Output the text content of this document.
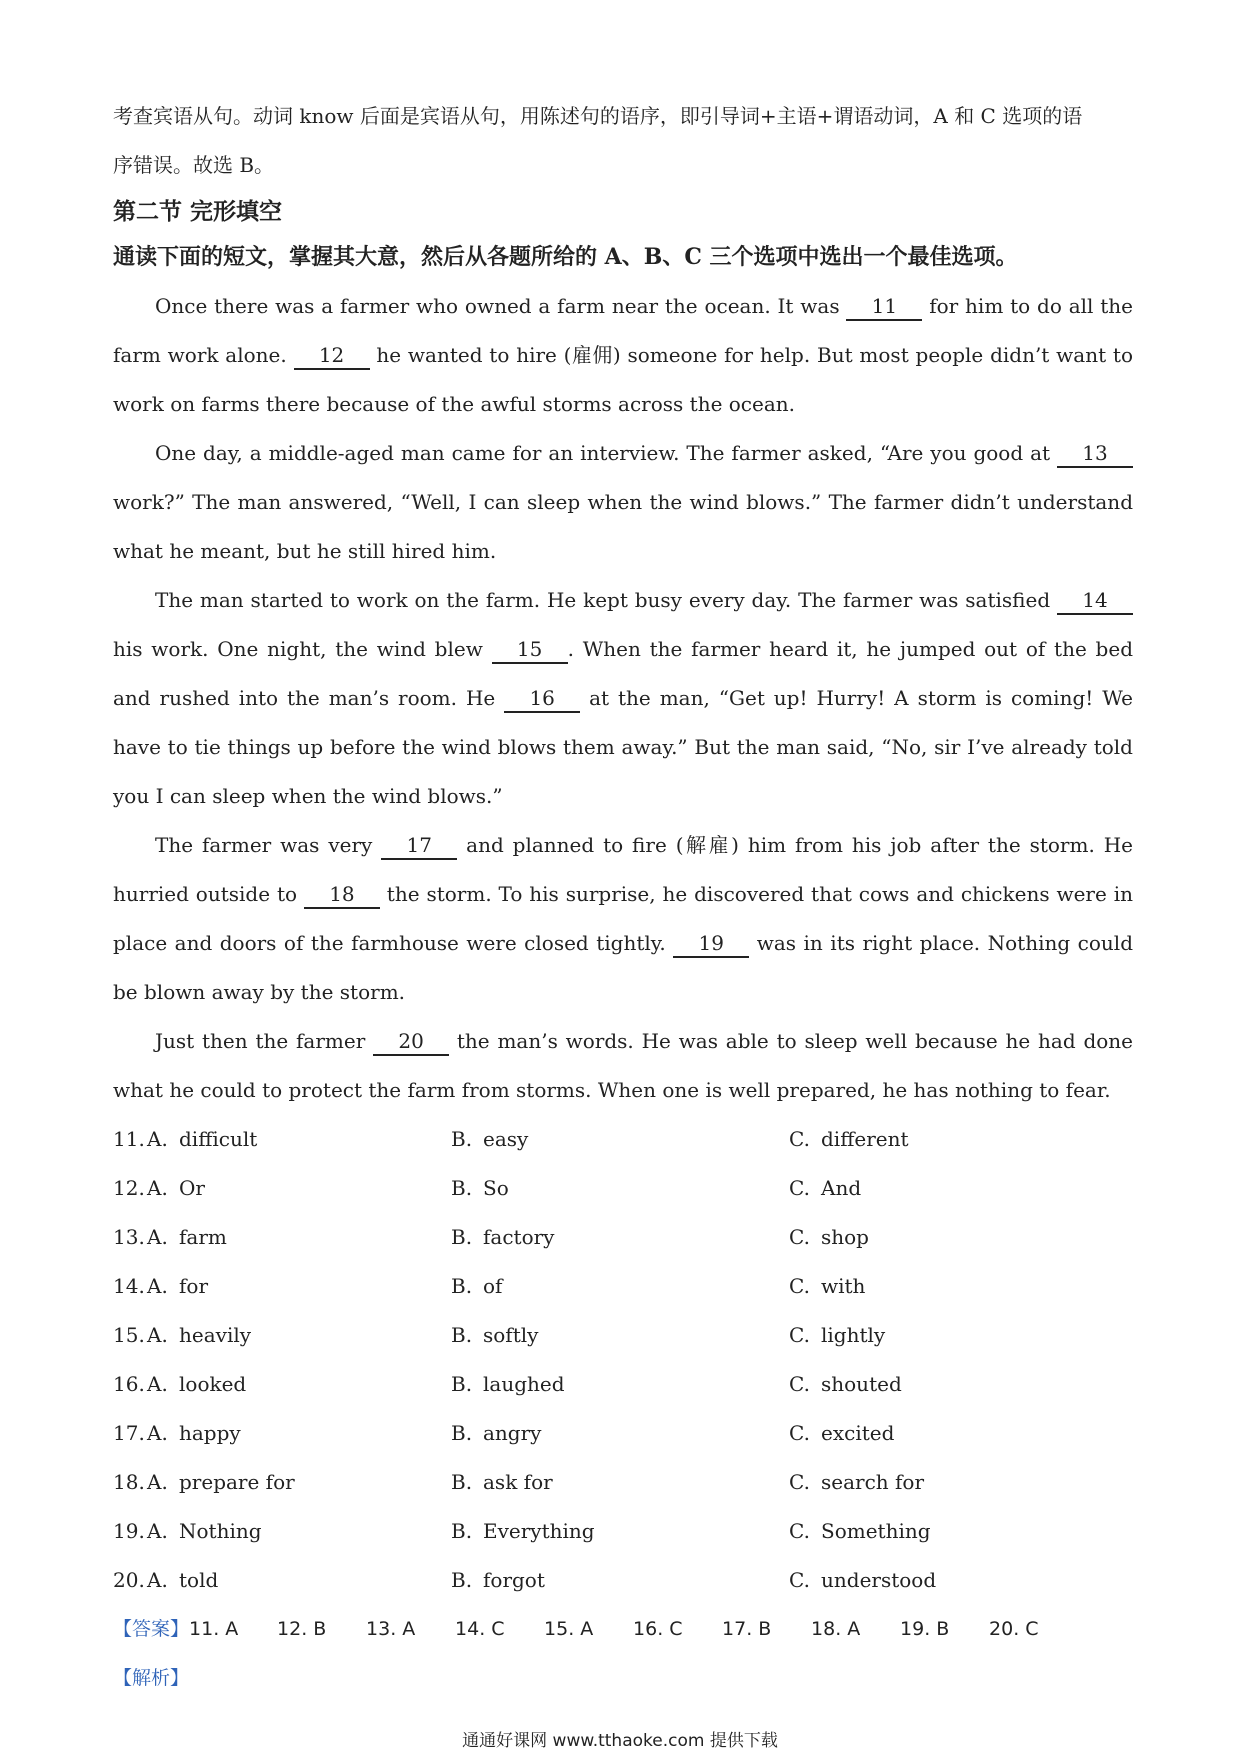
考查宾语从句。动词 know 后面是宾语从句，用陈述句的语序，即引导词+主语+谓语动词，A 和 C 选项的语
序错误。故选 B。
第二节 完形填空
通读下面的短文，掌握其大意，然后从各题所给的 A、B、C 三个选项中选出一个最佳选项。
Once there was a farmer who owned a farm near the ocean. It was 11 for him to do all the farm work alone. 12 he wanted to hire (雇佣) someone for help. But most people didn’t want to work on farms there because of the awful storms across the ocean.
One day, a middle-aged man came for an interview. The farmer asked, “Are you good at 13work?” The man answered, “Well, I can sleep when the wind blows.” The farmer didn’t understand what he meant, but he still hired him.
The man started to work on the farm. He kept busy every day. The farmer was satisfied 14 his work. One night, the wind blew 15 . When the farmer heard it, he jumped out of the bed and rushed into the man’s room. He 16 at the man, “Get up! Hurry! A storm is coming! We have to tie things up before the wind blows them away.” But the man said, “No, sir I’ve already told you I can sleep when the wind blows.”
The farmer was very 17 and planned to fire (解雇) him from his job after the storm. He hurried outside to 18 the storm. To his surprise, he discovered that cows and chickens were in place and doors of the farmhouse were closed tightly. 19 was in its right place. Nothing could be blown away by the storm.
Just then the farmer 20 the man’s words. He was able to sleep well because he had done what he could to protect the farm from storms. When one is well prepared, he has nothing to fear.
11. A. difficult	B. easy	C. different
12. A. Or	B. So	C. And
13. A. farm	B. factory	C. shop
14. A. for	B. of	C. with
15. A. heavily	B. softly	C. lightly
16. A. looked	B. laughed	C. shouted
17. A. happy	B. angry	C. excited
18. A. prepare for	B. ask for	C. search for
19. A. Nothing	B. Everything	C. Something
20. A. told	B. forgot	C. understood
【答案】 11. A	12. B	13. A	14. C	15. A	16. C	17. B	18. A	19. B	20. C
【解析】
通通好课网 www.tthaoke.com 提供下载
